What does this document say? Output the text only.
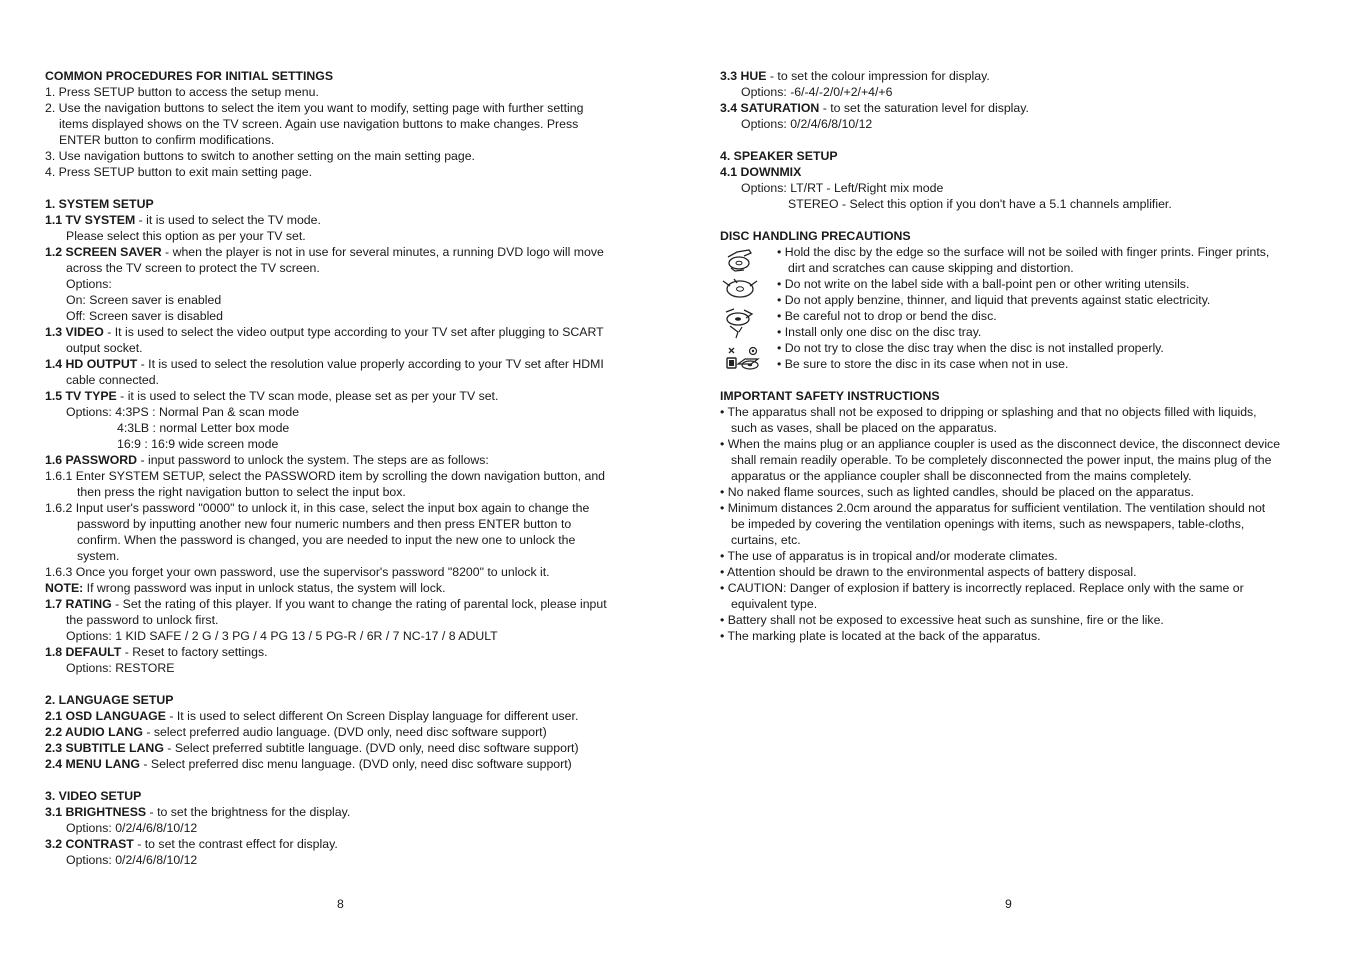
COMMON PROCEDURES FOR INITIAL SETTINGS
1. Press SETUP button to access the setup menu.
2. Use the navigation buttons to select the item you want to modify, setting page with further setting
items displayed shows on the TV screen. Again use navigation buttons to make changes. Press
ENTER button to confirm modifications.
3. Use navigation buttons to switch to another setting on the main setting page.
4. Press SETUP button to exit main setting page.
1. SYSTEM SETUP
1.1 TV SYSTEM - it is used to select the TV mode.
Please select this option as per your TV set.
1.2 SCREEN SAVER - when the player is not in use for several minutes, a running DVD logo will move
across the TV screen to protect the TV screen.
Options:
On: Screen saver is enabled
Off: Screen saver is disabled
1.3 VIDEO - It is used to select the video output type according to your TV set after plugging to SCART
output socket.
1.4 HD OUTPUT - It is used to select the resolution value properly according to your TV set after HDMI
cable connected.
1.5 TV TYPE - it is used to select the TV scan mode, please set as per your TV set.
Options: 4:3PS : Normal Pan & scan mode
4:3LB : normal Letter box mode
16:9 : 16:9 wide screen mode
1.6 PASSWORD - input password to unlock the system. The steps are as follows:
1.6.1 Enter SYSTEM SETUP, select the PASSWORD item by scrolling the down navigation button, and
then press the right navigation button to select the input box.
1.6.2 Input user's password "0000" to unlock it, in this case, select the input box again to change the
password by inputting another new four numeric numbers and then press ENTER button to
confirm. When the password is changed, you are needed to input the new one to unlock the
system.
1.6.3 Once you forget your own password, use the supervisor's password "8200" to unlock it.
NOTE: If wrong password was input in unlock status, the system will lock.
1.7 RATING - Set the rating of this player. If you want to change the rating of parental lock, please input
the password to unlock first.
Options: 1 KID SAFE / 2 G / 3 PG / 4 PG 13 / 5 PG-R / 6R / 7 NC-17 / 8 ADULT
1.8 DEFAULT - Reset to factory settings.
Options: RESTORE
2. LANGUAGE SETUP
2.1 OSD LANGUAGE - It is used to select different On Screen Display language for different user.
2.2 AUDIO LANG - select preferred audio language. (DVD only, need disc software support)
2.3 SUBTITLE LANG - Select preferred subtitle language. (DVD only, need disc software support)
2.4 MENU LANG - Select preferred disc menu language. (DVD only, need disc software support)
3. VIDEO SETUP
3.1 BRIGHTNESS - to set the brightness for the display.
Options: 0/2/4/6/8/10/12
3.2 CONTRAST - to set the contrast effect for display.
Options: 0/2/4/6/8/10/12
8
3.3 HUE - to set the colour impression for display.
Options: -6/-4/-2/0/+2/+4/+6
3.4 SATURATION - to set the saturation level for display.
Options: 0/2/4/6/8/10/12
4. SPEAKER SETUP
4.1 DOWNMIX
Options: LT/RT - Left/Right mix mode
STEREO - Select this option if you don't have a 5.1 channels amplifier.
DISC HANDLING PRECAUTIONS
• Hold the disc by the edge so the surface will not be soiled with finger prints. Finger prints,
dirt and scratches can cause skipping and distortion.
• Do not write on the label side with a ball-point pen or other writing utensils.
• Do not apply benzine, thinner, and liquid that prevents against static electricity.
• Be careful not to drop or bend the disc.
• Install only one disc on the disc tray.
• Do not try to close the disc tray when the disc is not installed properly.
• Be sure to store the disc in its case when not in use.
IMPORTANT SAFETY INSTRUCTIONS
• The apparatus shall not be exposed to dripping or splashing and that no objects filled with liquids,
such as vases, shall be placed on the apparatus.
• When the mains plug or an appliance coupler is used as the disconnect device, the disconnect device
shall remain readily operable. To be completely disconnected the power input, the mains plug of the
apparatus or the appliance coupler shall be disconnected from the mains completely.
• No naked flame sources, such as lighted candles, should be placed on the apparatus.
• Minimum distances 2.0cm around the apparatus for sufficient ventilation. The ventilation should not
be impeded by covering the ventilation openings with items, such as newspapers, table-cloths,
curtains, etc.
• The use of apparatus is in tropical and/or moderate climates.
• Attention should be drawn to the environmental aspects of battery disposal.
• CAUTION: Danger of explosion if battery is incorrectly replaced. Replace only with the same or
equivalent type.
• Battery shall not be exposed to excessive heat such as sunshine, fire or the like.
• The marking plate is located at the back of the apparatus.
9
